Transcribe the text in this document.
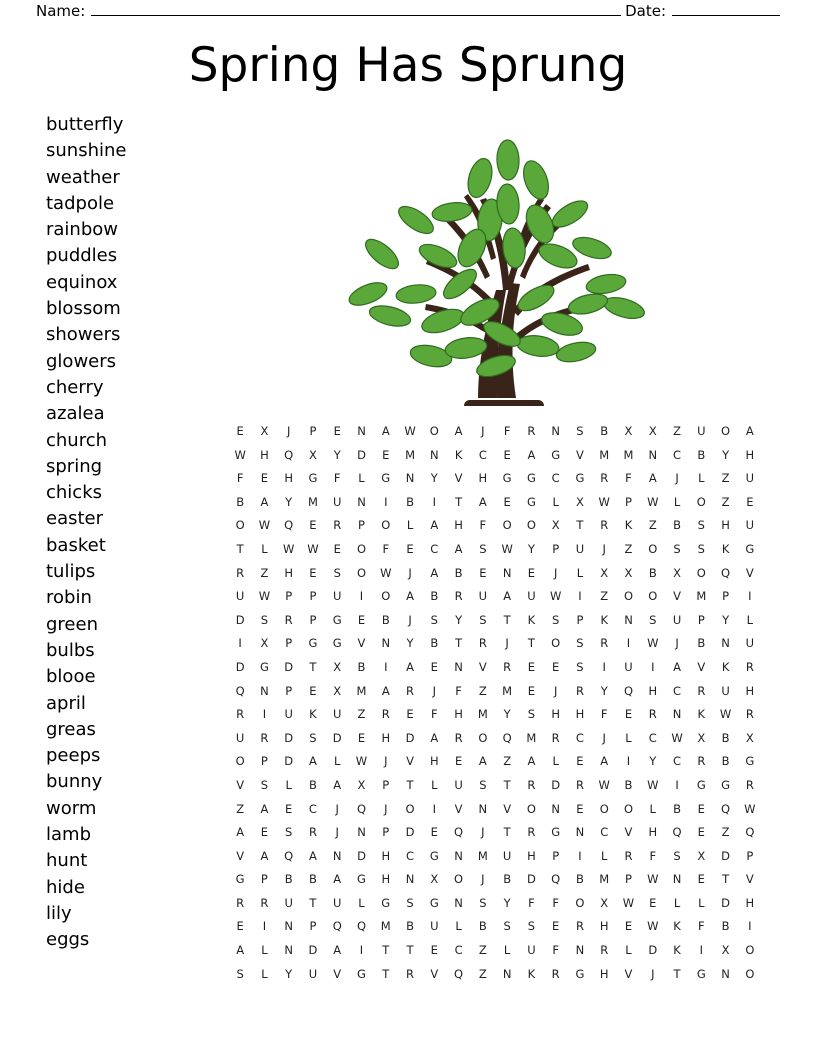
Name:	Date:
Spring Has Sprung
butterfly
sunshine
weather
tadpole
rainbow
puddles
equinox
blossom
showers
glowers
cherry
azalea
church
spring
chicks
easter
basket
tulips
robin
green
bulbs
blooe
april
greas
peeps
bunny
worm
lamb
hunt
hide
lily
eggs
E	X	J	P	E	N	A	W	O	A	J	F	R	N	S	B	X	X	Z	U	O	A
W	H	Q	X	Y	D	E	M	N	K	C	E	A	G	V	M	M	N	C	B	Y	H
F	E	H	G	F	L	G	N	Y	V	H	G	G	C	G	R	F	A	J	L	Z	U
B	A	Y	M	U	N	I	B	I	T	A	E	G	L	X	W	P	W	L	O	Z	E
O	W	Q	E	R	P	O	L	A	H	F	O	O	X	T	R	K	Z	B	S	H	U
T	L	W	W	E	O	F	E	C	A	S	W	Y	P	U	J	Z	O	S	S	K	G
R	Z	H	E	S	O	W	J	A	B	E	N	E	J	L	X	X	B	X	O	Q	V
U	W	P	P	U	I	O	A	B	R	U	A	U	W	I	Z	O	O	V	M	P	I
D	S	R	P	G	E	B	J	S	Y	S	T	K	S	P	K	N	S	U	P	Y	L
I	X	P	G	G	V	N	Y	B	T	R	J	T	O	S	R	I	W	J	B	N	U
D	G	D	T	X	B	I	A	E	N	V	R	E	E	S	I	U	I	A	V	K	R
Q	N	P	E	X	M	A	R	J	F	Z	M	E	J	R	Y	Q	H	C	R	U	H
R	I	U	K	U	Z	R	E	F	H	M	Y	S	H	H	F	E	R	N	K	W	R
U	R	D	S	D	E	H	D	A	R	O	Q	M	R	C	J	L	C	W	X	B	X
O	P	D	A	L	W	J	V	H	E	A	Z	A	L	E	A	I	Y	C	R	B	G
V	S	L	B	A	X	P	T	L	U	S	T	R	D	R	W	B	W	I	G	G	R
Z	A	E	C	J	Q	J	O	I	V	N	V	O	N	E	O	O	L	B	E	Q	W
A	E	S	R	J	N	P	D	E	Q	J	T	R	G	N	C	V	H	Q	E	Z	Q
V	A	Q	A	N	D	H	C	G	N	M	U	H	P	I	L	R	F	S	X	D	P
G	P	B	B	A	G	H	N	X	O	J	B	D	Q	B	M	P	W	N	E	T	V
R	R	U	T	U	L	G	S	G	N	S	Y	F	F	O	X	W	E	L	L	D	H
E	I	N	P	Q	Q	M	B	U	L	B	S	S	E	R	H	E	W	K	F	B	I
A	L	N	D	A	I	T	T	E	C	Z	L	U	F	N	R	L	D	K	I	X	O
S	L	Y	U	V	G	T	R	V	Q	Z	N	K	R	G	H	V	J	T	G	N	O
